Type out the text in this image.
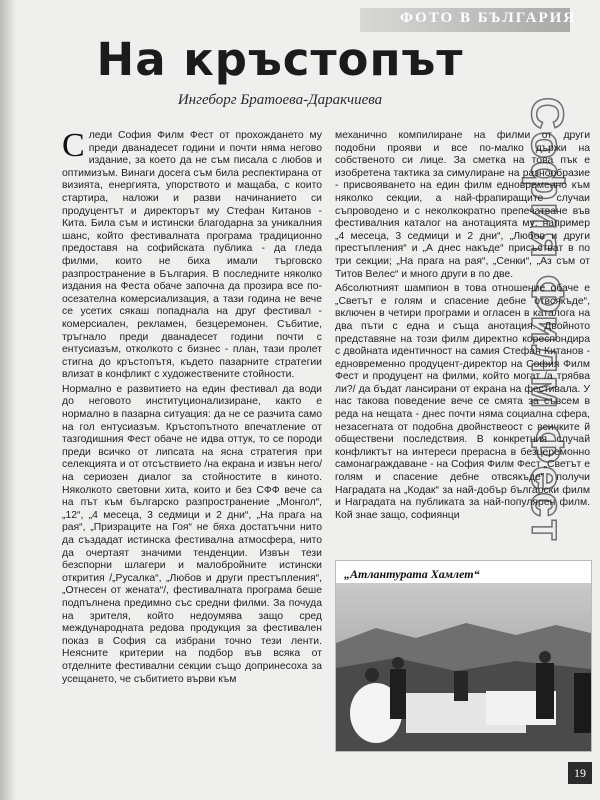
ФОТО В БЪЛГАРИЯ
София Филм Фест
На кръстопът
Ингеборг Братоева-Даракчиева

Следи София Филм Фест от прохождането му преди дванадесет години и почти няма негово издание, за което да не съм писала с любов и оптимизъм. Винаги досега съм била респектирана от визията, енергията, упорството и мащаба, с които стартира, наложи и разви начинанието си продуцентът и директорът му Стефан Китанов - Кита. Била съм и истински благодарна за уникалния шанс, който фестивалната програма традиционно предоставя на софийската публика - да гледа филми, които не биха имали търговско разпространение в България. В последните няколко издания на Феста обаче започна да прозира все по-осезателна комерсиализация, а тази година не вече се усетих сякаш попаднала на друг фестивал - комерсиален, рекламен, безцеремонен. Събитие, тръгнало преди дванадесет години почти с ентусиазъм, отколкото с бизнес - план, тази пролет стигна до кръстопътя, където пазарните стратегии влизат в конфликт с художествените стойности.

Нормално е развитието на един фестивал да води до неговото институционализиране, както е нормално в пазарна ситуация: да не се разчита само на гол ентусиазъм. Кръстопътното впечатление от тазгодишния Фест обаче не идва оттук, то се породи преди всичко от липсата на ясна стратегия при селекцията и от отсъствието /на екрана и извън него/ на сериозен диалог за стойностите в киното. Няколкото световни хита, които и без СФФ вече са на път към българско разпространение „Монгол“, „12“, „4 месеца, 3 седмици и 2 дни“, „На прага на рая“, „Призраците на Гоя“ не бяха достатъчни нито да създадат истинска фестивална атмосфера, нито да очертаят значими тенденции. Извън тези безспорни шлагери и малобройните истински открития /„Русалка“, „Любов и други престъпления“, „Отнесен от жената“/, фестивалната програма беше подпълнена предимно със средни филми. За почуда на зрителя, който недоумява защо сред международната редова продукция за фестивален показ в София са избрани точно тези ленти. Неясните критерии на подбор във всяка от отделните фестивални секции също допринесоха за усещането, че събитието върви към

механично компилиране на филми от други подобни прояви и все по-малко държи на собственото си лице. За сметка на това пък е изобретена тактика за симулиране на разнообразие - присвояването на един филм едновременно към няколко секции, а най-фрапиращите случаи съпроводено и с неколкократно препечатване във фестивалния каталог на анотацията му: например „4 месеца, 3 седмици и 2 дни“, „Любов и други престъпления“ и „А днес накъде“ присъстват в по три секции; „На прага на рая“, „Сенки“, „Аз съм от Титов Велес“ и много други в по две.

Абсолютният шампион в това отношение обаче е „Светът е голям и спасение дебне отвсякъде“, включен в четири програми и огласен в каталога на два пъти с една и съща анотация. Двойното представяне на този филм директно кореспондира с двойната идентичност на самия Стефан Китанов - едновременно продуцент-директор на София Филм Фест и продуцент на филми, който могат /а трябва ли?/ да бъдат лансирани от екрана на фестивала. У нас такова поведение вече се смята за съвсем в реда на нещата - днес почти няма социална сфера, незасегната от подобна двойнствеост с всичките й обществени последствия. В конкретния случай конфликтът на интереси прерасна в безцеремонно самонаграждаване - на София Филм Фест „Светът е голям и спасение дебне отвсякъде“ получи Наградата на „Кодак“ за най-добър български филм и Наградата на публиката за най-популярен филм. Кой знае защо, софиянци

„Атлантурата Хамлет“
19
